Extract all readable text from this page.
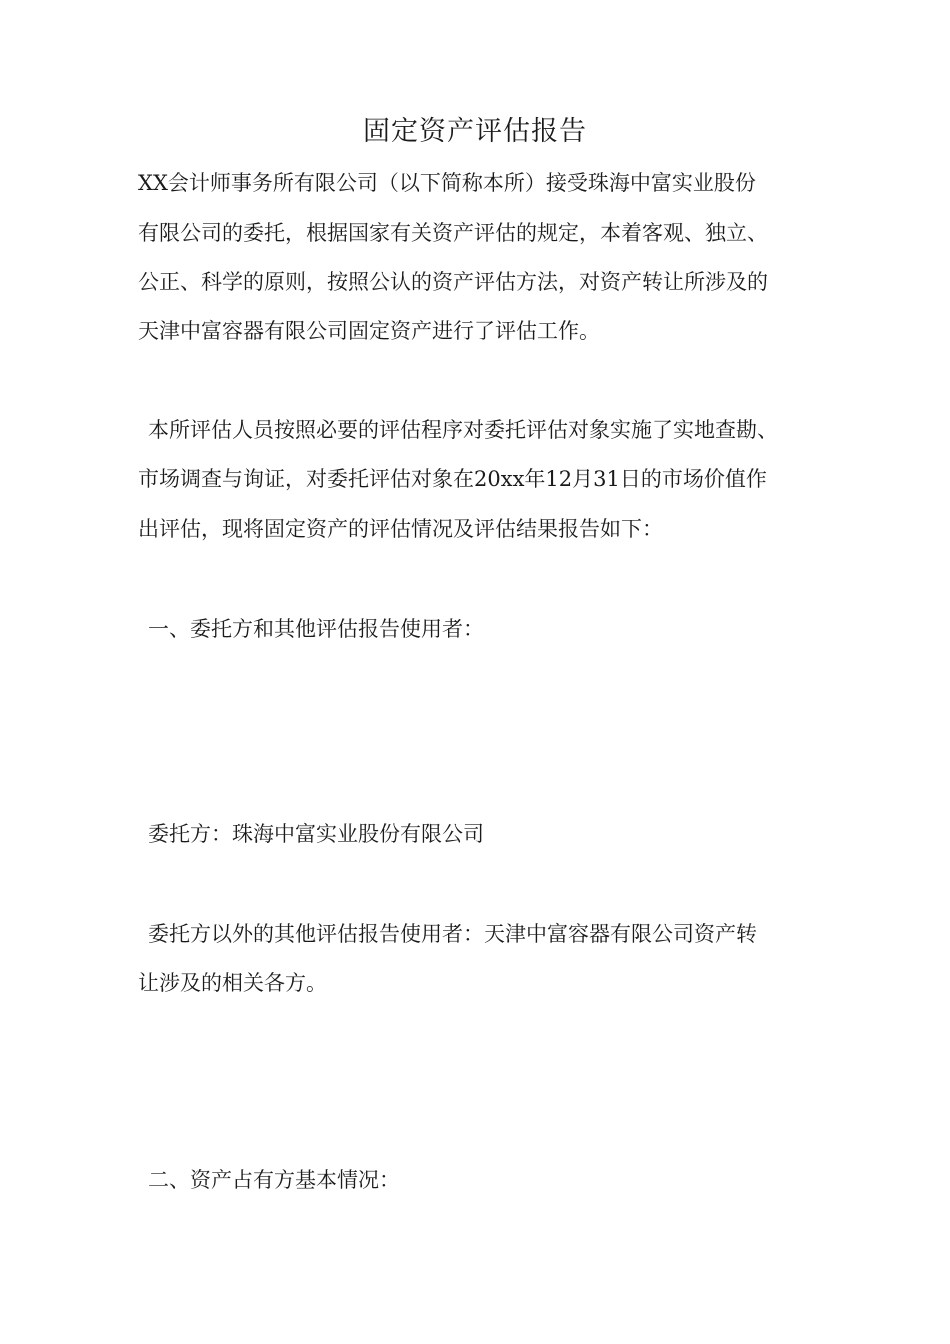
固定资产评估报告
XX会计师事务所有限公司（以下简称本所）接受珠海中富实业股份
有限公司的委托，根据国家有关资产评估的规定，本着客观、独立、
公正、科学的原则，按照公认的资产评估方法，对资产转让所涉及的
天津中富容器有限公司固定资产进行了评估工作。
本所评估人员按照必要的评估程序对委托评估对象实施了实地查勘、
市场调查与询证，对委托评估对象在20xx年12月31日的市场价值作
出评估，现将固定资产的评估情况及评估结果报告如下：
一、委托方和其他评估报告使用者：
委托方：珠海中富实业股份有限公司
委托方以外的其他评估报告使用者：天津中富容器有限公司资产转
让涉及的相关各方。
二、资产占有方基本情况：
